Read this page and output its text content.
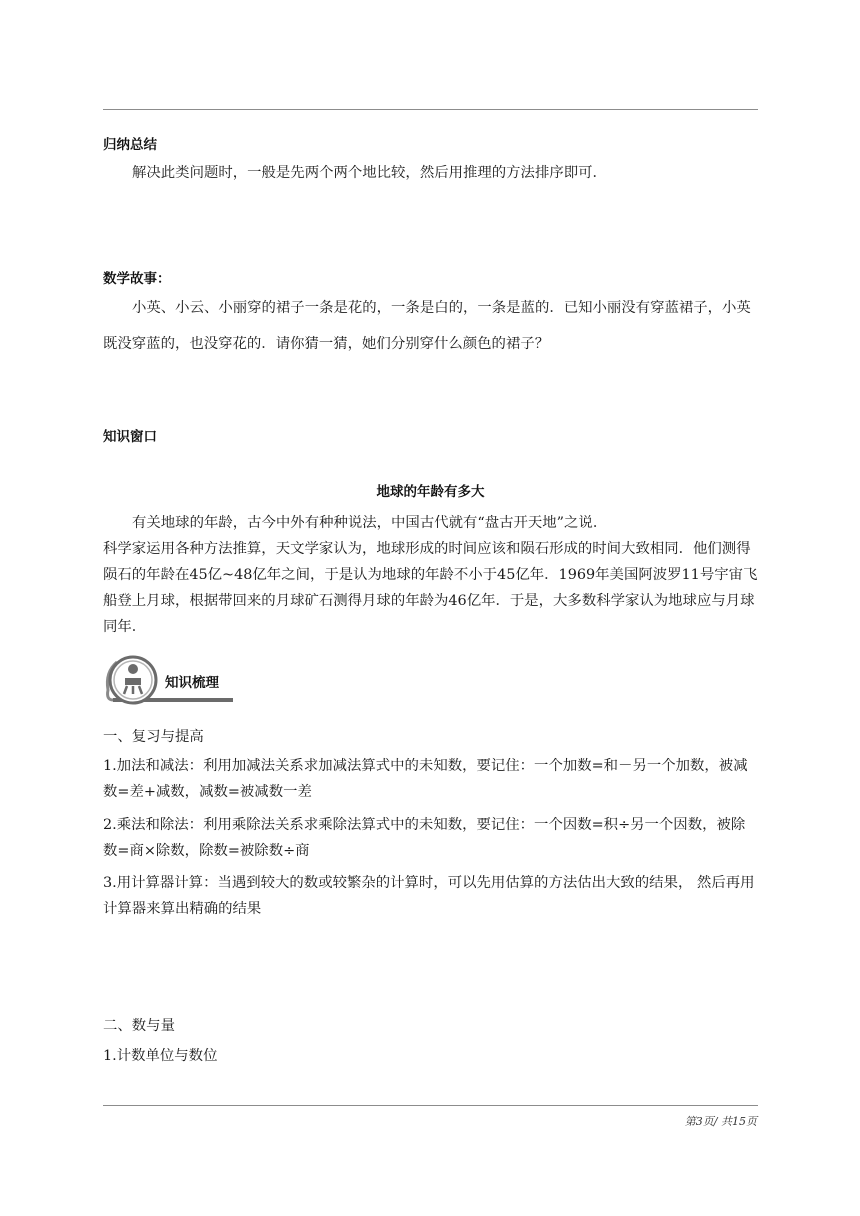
归纳总结
解决此类问题时，一般是先两个两个地比较，然后用推理的方法排序即可．
数学故事：
小英、小云、小丽穿的裙子一条是花的，一条是白的，一条是蓝的．已知小丽没有穿蓝裙子，小英既没穿蓝的，也没穿花的．请你猜一猜，她们分别穿什么颜色的裙子？
知识窗口
地球的年龄有多大
有关地球的年龄，古今中外有种种说法，中国古代就有“盘古开天地”之说．
科学家运用各种方法推算，天文学家认为，地球形成的时间应该和陨石形成的时间大致相同．他们测得陨石的年龄在45亿~48亿年之间，于是认为地球的年龄不小于45亿年．1969年美国阿波罗11号宇宙飞船登上月球，根据带回来的月球矿石测得月球的年龄为46亿年．于是，大多数科学家认为地球应与月球同年．
知识梳理
一、复习与提高
1.加法和减法：利用加减法关系求加减法算式中的未知数，要记住：一个加数=和－另一个加数，被减数=差+减数，减数=被减数一差
2.乘法和除法：利用乘除法关系求乘除法算式中的未知数，要记住：一个因数=积÷另一个因数，被除数=商×除数，除数=被除数÷商
3.用计算器计算：当遇到较大的数或较繁杂的计算时，可以先用估算的方法估出大致的结果， 然后再用计算器来算出精确的结果
二、数与量
1.计数单位与数位
第3页/ 共15页
